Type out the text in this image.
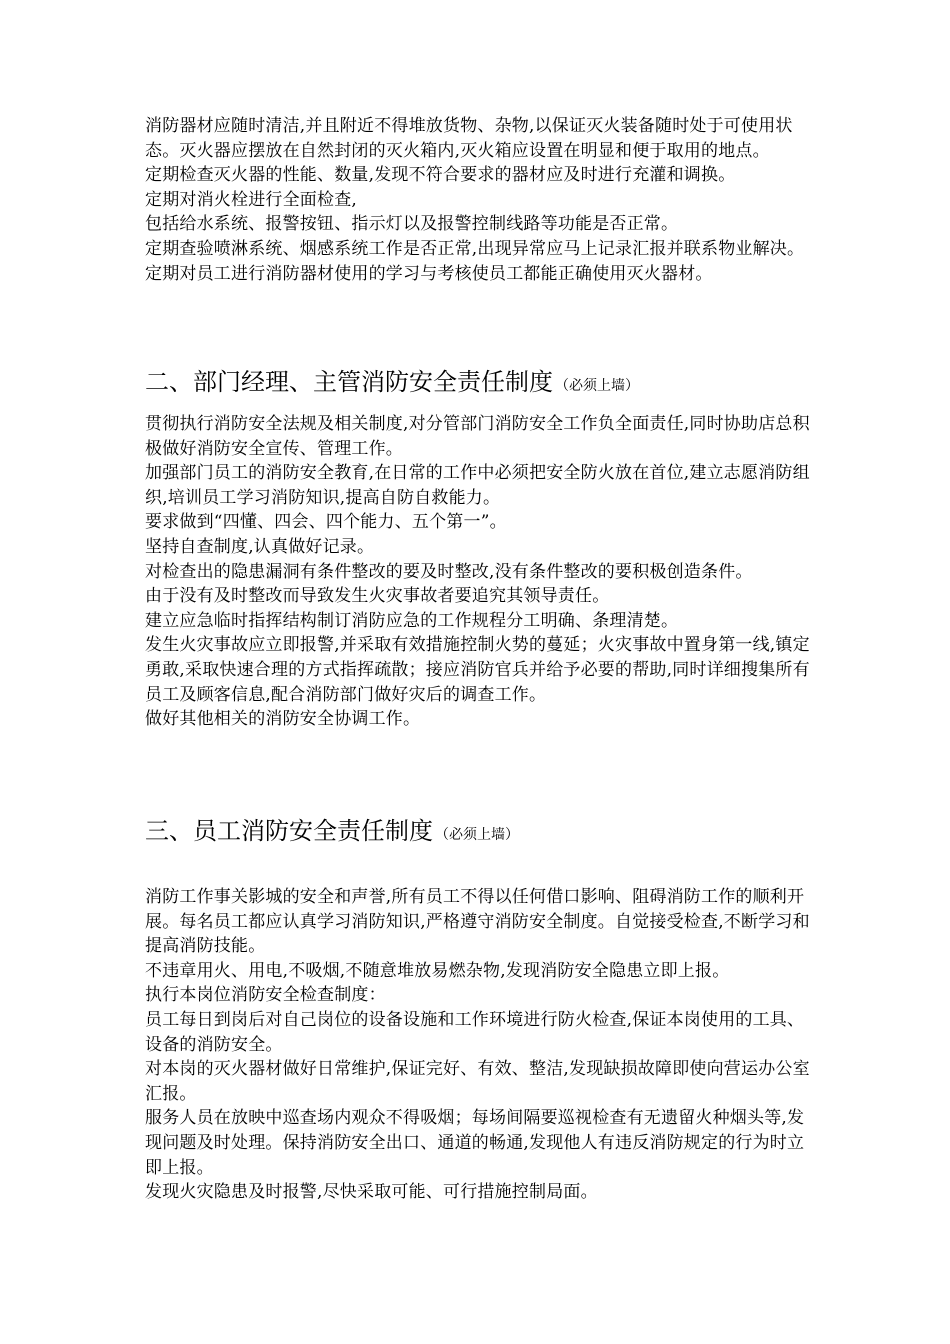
消防器材应随时清洁,并且附近不得堆放货物、杂物,以保证灭火装备随时处于可使用状态。灭火器应摆放在自然封闭的灭火箱内,灭火箱应设置在明显和便于取用的地点。

定期检查灭火器的性能、数量,发现不符合要求的器材应及时进行充灌和调换。

定期对消火栓进行全面检查,

包括给水系统、报警按钮、指示灯以及报警控制线路等功能是否正常。

定期查验喷淋系统、烟感系统工作是否正常,出现异常应马上记录汇报并联系物业解决。

定期对员工进行消防器材使用的学习与考核使员工都能正确使用灭火器材。

二、部门经理、主管消防安全责任制度 （必须上墙）

贯彻执行消防安全法规及相关制度,对分管部门消防安全工作负全面责任,同时协助店总积极做好消防安全宣传、管理工作。

加强部门员工的消防安全教育,在日常的工作中必须把安全防火放在首位,建立志愿消防组织,培训员工学习消防知识,提高自防自救能力。

要求做到“四懂、四会、四个能力、五个第一”。

坚持自查制度,认真做好记录。

对检查出的隐患漏洞有条件整改的要及时整改,没有条件整改的要积极创造条件。

由于没有及时整改而导致发生火灾事故者要追究其领导责任。

建立应急临时指挥结构制订消防应急的工作规程分工明确、条理清楚。

发生火灾事故应立即报警,并采取有效措施控制火势的蔓延；火灾事故中置身第一线,镇定勇敢,采取快速合理的方式指挥疏散；接应消防官兵并给予必要的帮助,同时详细搜集所有员工及顾客信息,配合消防部门做好灾后的调查工作。

做好其他相关的消防安全协调工作。

三、员工消防安全责任制度 （必须上墙）

消防工作事关影城的安全和声誉,所有员工不得以任何借口影响、阻碍消防工作的顺利开展。每名员工都应认真学习消防知识,严格遵守消防安全制度。自觉接受检查,不断学习和提高消防技能。

不违章用火、用电,不吸烟,不随意堆放易燃杂物,发现消防安全隐患立即上报。

执行本岗位消防安全检查制度：

员工每日到岗后对自己岗位的设备设施和工作环境进行防火检查,保证本岗使用的工具、设备的消防安全。

对本岗的灭火器材做好日常维护,保证完好、有效、整洁,发现缺损故障即使向营运办公室汇报。

服务人员在放映中巡查场内观众不得吸烟；每场间隔要巡视检查有无遗留火种烟头等,发现问题及时处理。保持消防安全出口、通道的畅通,发现他人有违反消防规定的行为时立即上报。

发现火灾隐患及时报警,尽快采取可能、可行措施控制局面。
